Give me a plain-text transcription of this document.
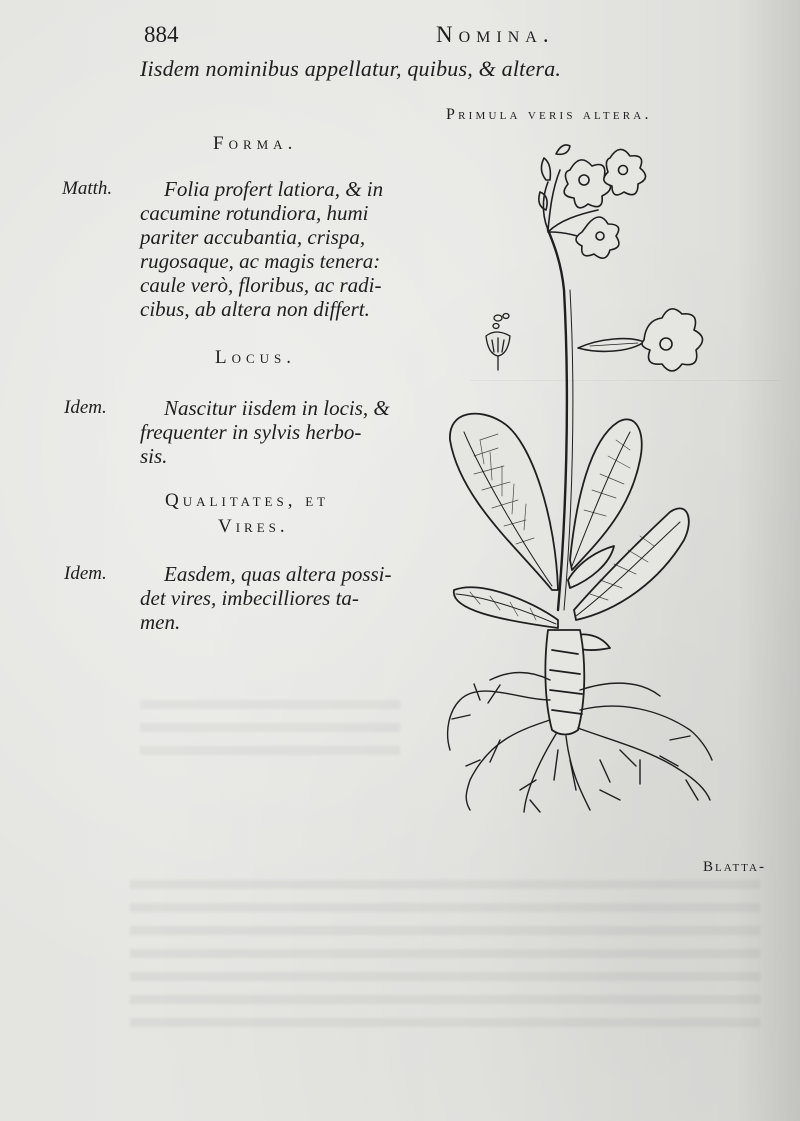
884	Nomina.
Iisdem nominibus appellatur, quibus, & altera.
Primula veris altera.
Forma.
Matth.	Folia profert latiora, & in
cacumine rotundiora, humi
pariter accubantia, crispa,
rugosaque, ac magis tenera:
caule verò, floribus, ac radi-
cibus, ab altera non differt.
Locus.
Idem.	Nascitur iisdem in locis, &
frequenter in sylvis herbo-
sis.
Qualitates, et
Vires.
Idem.	Easdem, quas altera possi-
det vires, imbecilliores ta-
men.
Blatta-
